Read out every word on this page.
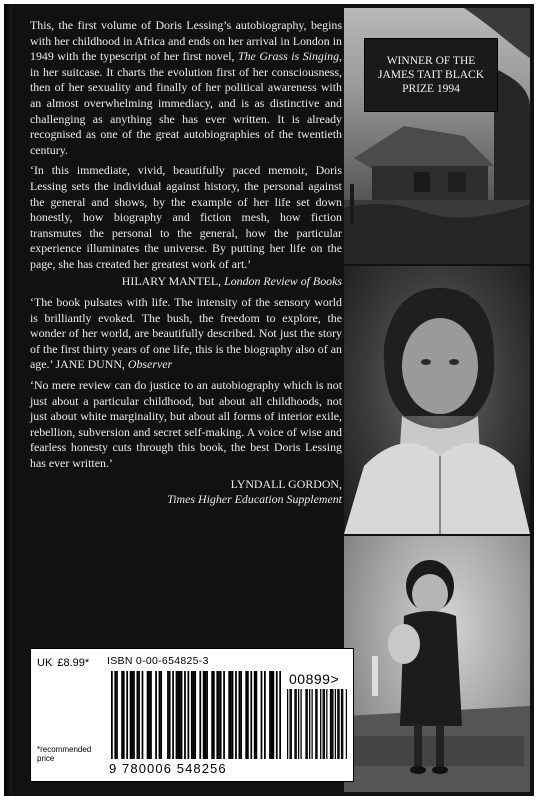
This, the first volume of Doris Lessing’s autobiography, begins with her childhood in Africa and ends on her arrival in London in 1949 with the typescript of her first novel, The Grass is Singing, in her suitcase. It charts the evolution first of her consciousness, then of her sexuality and finally of her political awareness with an almost overwhelming immediacy, and is as distinctive and challenging as anything she has ever written. It is already recognised as one of the great autobiographies of the twentieth century.

‘In this immediate, vivid, beautifully paced memoir, Doris Lessing sets the individual against history, the personal against the general and shows, by the example of her life set down honestly, how biography and fiction mesh, how fiction transmutes the personal to the general, how the particular experience illuminates the universe. By putting her life on the page, she has created her greatest work of art.’

HILARY MANTEL, London Review of Books

‘The book pulsates with life. The intensity of the sensory world is brilliantly evoked. The bush, the freedom to explore, the wonder of her world, are beautifully described. Not just the story of the first thirty years of one life, this is the biography also of an age.’ JANE DUNN, Observer

‘No mere review can do justice to an autobiography which is not just about a particular childhood, but about all childhoods, not just about white marginality, but about all forms of interior exile, rebellion, subversion and secret self-making. A voice of wise and fearless honesty cuts through this book, the best Doris Lessing has ever written.’

LYNDALL GORDON,

Times Higher Education Supplement

WINNER OF THE
JAMES TAIT BLACK
PRIZE 1994
UK £8.99*
*recommended price
ISBN 0-00-654825-3
00899>
9 780006 548256
